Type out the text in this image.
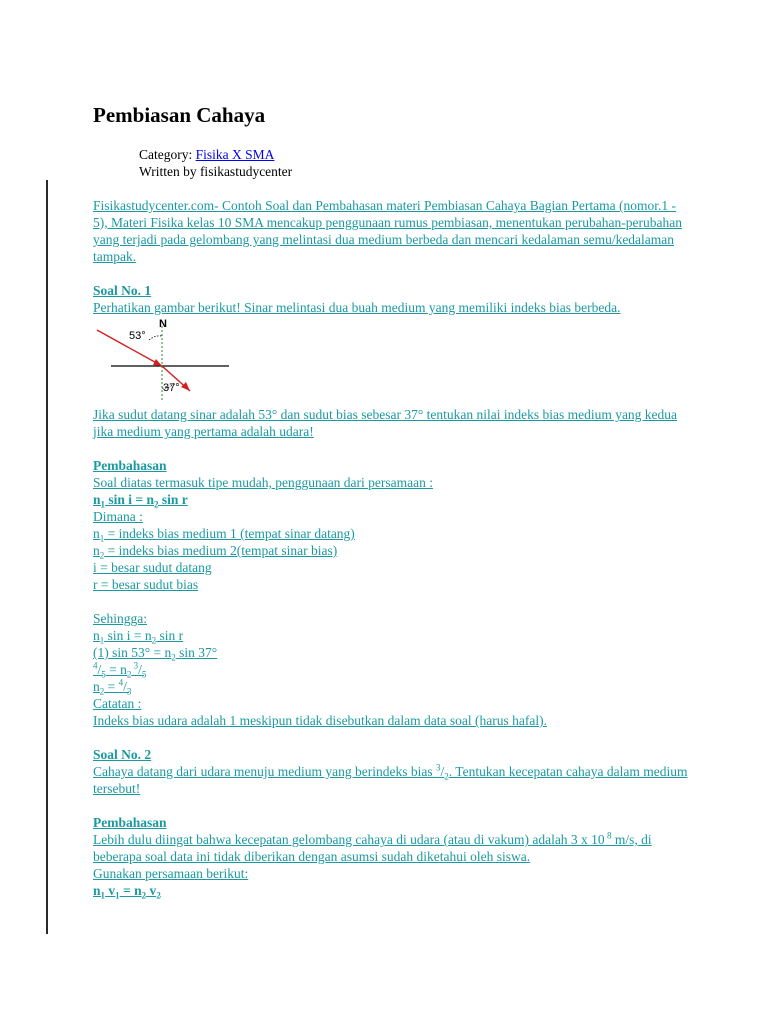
Pembiasan Cahaya
Category: Fisika X SMA
Written by fisikastudycenter

Fisikastudycenter.com- Contoh Soal dan Pembahasan materi Pembiasan Cahaya Bagian Pertama (nomor.1 - 5), Materi Fisika kelas 10 SMA mencakup penggunaan rumus pembiasan, menentukan perubahan-perubahan yang terjadi pada gelombang yang melintasi dua medium berbeda dan mencari kedalaman semu/kedalaman tampak.

Soal No. 1

Perhatikan gambar berikut! Sinar melintasi dua buah medium yang memiliki indeks bias berbeda.

N
53°
37°

Jika sudut datang sinar adalah 53° dan sudut bias sebesar 37° tentukan nilai indeks bias medium yang kedua jika medium yang pertama adalah udara!

Pembahasan
Soal diatas termasuk tipe mudah, penggunaan dari persamaan :
$n_1$ $\sin i = n_2$ sin r
Dimana :
$n_1$ = indeks bias medium 1 (tempat sinar datang)
$n_2$ = indeks bias medium 2(tempat sinar bias)
i = besar sudut datang
r = besar sudut bias
Sehingga:
$n_1$ $\sin i = n_2$ sin r
(1) $\sin 53^\circ = n_2$ sin 37°
$^4/_5 = n_2$ $^3/_5$
$n_2 = ^4/_3$
Catatan :
Indeks bias udara adalah 1 meskipun tidak disebutkan dalam data soal (harus hafal).
Soal No. 2

Cahaya datang dari udara menuju medium yang berindeks bias $^3/_2$. Tentukan kecepatan cahaya dalam medium tersebut!

Pembahasan

Lebih dulu diingat bahwa kecepatan gelombang cahaya di udara (atau di vakum) adalah 3 x 10 $^8$ m/s, di beberapa soal data ini tidak diberikan dengan asumsi sudah diketahui oleh siswa.

Gunakan persamaan berikut:
$n_1$ $v_1 = n_2$ $v_2$
